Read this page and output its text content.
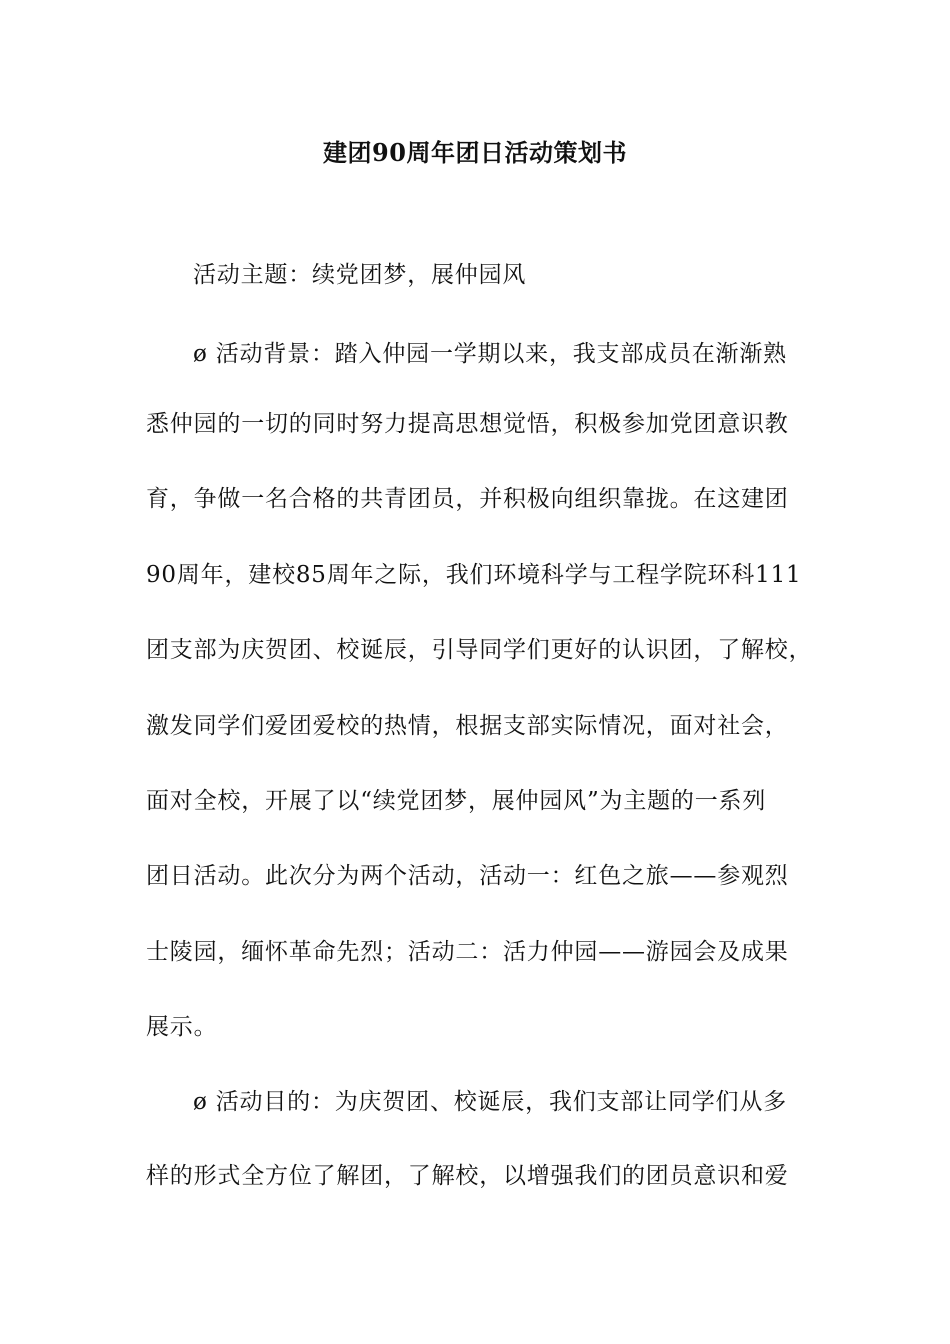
建团90周年团日活动策划书
活动主题：续党团梦，展仲园风
ø 活动背景：踏入仲园一学期以来，我支部成员在渐渐熟
悉仲园的一切的同时努力提高思想觉悟，积极参加党团意识教
育，争做一名合格的共青团员，并积极向组织靠拢。在这建团
90周年，建校85周年之际，我们环境科学与工程学院环科111
团支部为庆贺团、校诞辰，引导同学们更好的认识团，了解校，
激发同学们爱团爱校的热情，根据支部实际情况，面对社会，
面对全校，开展了以“续党团梦，展仲园风”为主题的一系列
团日活动。此次分为两个活动，活动一：红色之旅——参观烈
士陵园，缅怀革命先烈；活动二：活力仲园——游园会及成果
展示。
ø 活动目的：为庆贺团、校诞辰，我们支部让同学们从多
样的形式全方位了解团，了解校，以增强我们的团员意识和爱
